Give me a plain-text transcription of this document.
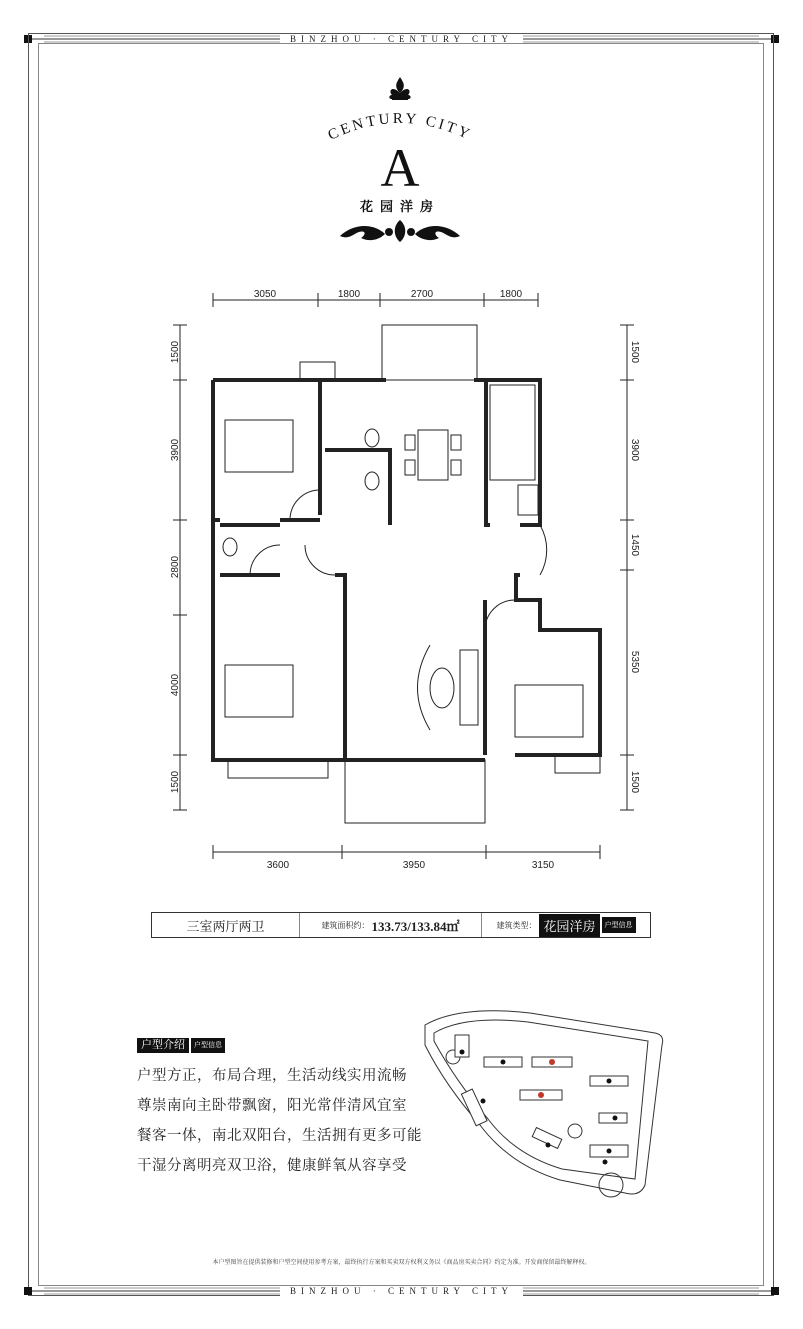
BINZHOU · CENTURY CITY
CENTURY CITY
A
花园洋房
3050	1800	2700	1800
3600	3950	3150
1500
3900
2800
4000
1500
1500
3900
1450
5350
1500
三室两厅两卫	建筑面积约： 133.73/133.84㎡	建筑类型： 花园洋房	户型信息
户型介绍	户型信息
户型方正，布局合理，生活动线实用流畅
尊崇南向主卧带飘窗，阳光常伴清风宜室
餐客一体，南北双阳台，生活拥有更多可能
干湿分离明亮双卫浴，健康鲜氧从容享受
本户型图旨在提供装修和户型空间使用参考方案，最终执行方案和买卖双方权利义务以《商品房买卖合同》约定为准。开发商保留最终解释权。
BINZHOU · CENTURY CITY
